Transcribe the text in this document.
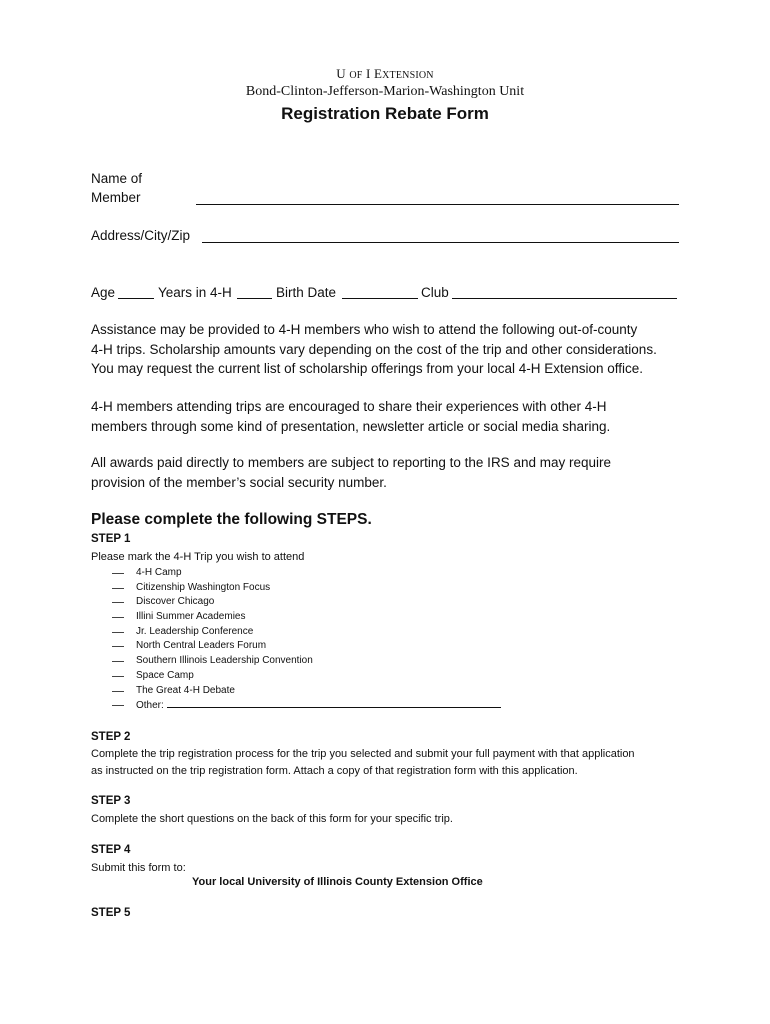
U OF I EXTENSION
Bond-Clinton-Jefferson-Marion-Washington Unit
Registration Rebate Form
Name of
Member
Address/City/Zip
Age	Years in 4-H	Birth Date	Club
Assistance may be provided to 4-H members who wish to attend the following out-of-county
4-H trips. Scholarship amounts vary depending on the cost of the trip and other considerations.
You may request the current list of scholarship offerings from your local 4-H Extension office.
4-H members attending trips are encouraged to share their experiences with other 4-H
members through some kind of presentation, newsletter article or social media sharing.
All awards paid directly to members are subject to reporting to the IRS and may require
provision of the member’s social security number.
Please complete the following STEPS.
STEP 1
Please mark the 4-H Trip you wish to attend
4-H Camp
Citizenship Washington Focus
Discover Chicago
Illini Summer Academies
Jr. Leadership Conference
North Central Leaders Forum
Southern Illinois Leadership Convention
Space Camp
The Great 4-H Debate
Other:
STEP 2
Complete the trip registration process for the trip you selected and submit your full payment with that application
as instructed on the trip registration form. Attach a copy of that registration form with this application.
STEP 3
Complete the short questions on the back of this form for your specific trip.
STEP 4
Submit this form to:
Your local University of Illinois County Extension Office
STEP 5
